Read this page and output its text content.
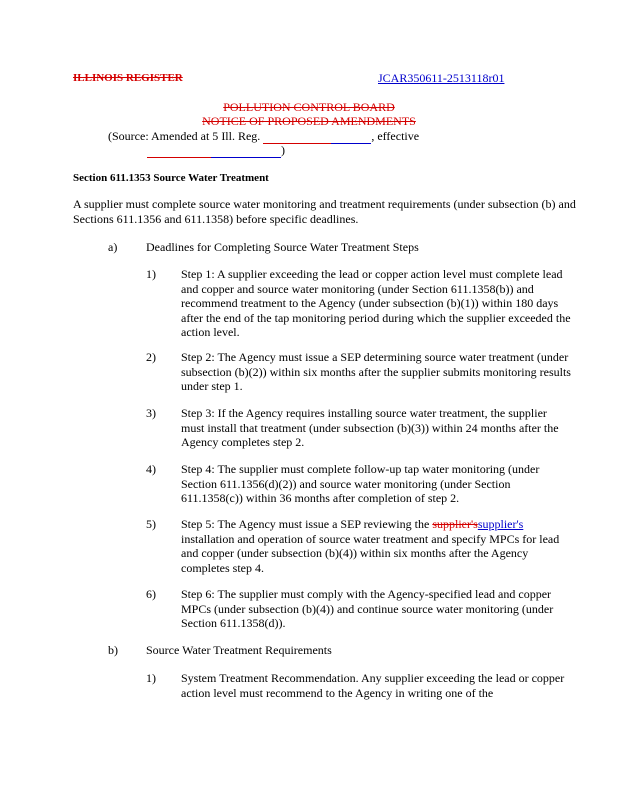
ILLINOIS REGISTER	JCAR350611-2513118r01
POLLUTION CONTROL BOARD
NOTICE OF PROPOSED AMENDMENTS
(Source: Amended at 5 Ill. Reg.	, effective
)
Section 611.1353 Source Water Treatment
A supplier must complete source water monitoring and treatment requirements (under subsection (b) and Sections 611.1356 and 611.1358) before specific deadlines.
a) Deadlines for Completing Source Water Treatment Steps
1) Step 1: A supplier exceeding the lead or copper action level must complete lead and copper and source water monitoring (under Section 611.1358(b)) and recommend treatment to the Agency (under subsection (b)(1)) within 180 days after the end of the tap monitoring period during which the supplier exceeded the action level.
2) Step 2: The Agency must issue a SEP determining source water treatment (under subsection (b)(2)) within six months after the supplier submits monitoring results under step 1.
3) Step 3: If the Agency requires installing source water treatment, the supplier must install that treatment (under subsection (b)(3)) within 24 months after the Agency completes step 2.
4) Step 4: The supplier must complete follow-up tap water monitoring (under Section 611.1356(d)(2)) and source water monitoring (under Section 611.1358(c)) within 36 months after completion of step 2.
5) Step 5: The Agency must issue a SEP reviewing the supplier'ssupplier's installation and operation of source water treatment and specify MPCs for lead and copper (under subsection (b)(4)) within six months after the Agency completes step 4.
6) Step 6: The supplier must comply with the Agency-specified lead and copper MPCs (under subsection (b)(4)) and continue source water monitoring (under Section 611.1358(d)).
b) Source Water Treatment Requirements
1) System Treatment Recommendation. Any supplier exceeding the lead or copper action level must recommend to the Agency in writing one of the
